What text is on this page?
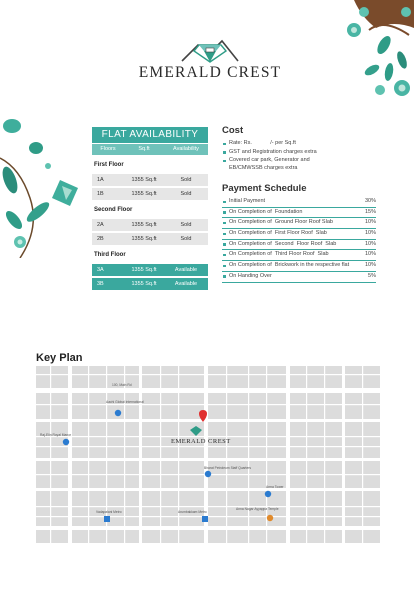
EMERALD CREST
FLAT AVAILABILITY
Floors	Sq.ft	Availability
First Floor
1A	1355 Sq.ft	Sold
1B	1355 Sq.ft	Sold
Second Floor
2A	1355 Sq.ft	Sold
2B	1355 Sq.ft	Sold
Third Floor
3A	1355 Sq.ft	Available
3B	1355 Sq.ft	Available
Cost
Rate: Rs.            /- per Sq.ft
GST and Registration charges extra
Covered car park, Generator and EB/CMWSSB charges extra
Payment Schedule
Initial Payment	30%
On Completion of  Foundation	15%
On Completion of  Ground Floor Roof Slab	10%
On Completion of  First Floor Roof  Slab	10%
On Completion of  Second  Floor Roof  Slab	10%
On Completion of  Third Floor Roof  Slab	10%
On Completion of  Brickwork in the respective flat	10%
On Handing Over	5%
Key Plan
Aachi Global International
Bharat Petroleum Staff Quarters
Raj-Elin Royal Manor
Vadapalani Metro
Arma Tower
Arumbakkam Metro
Anna Nagar Ayyappa Temple
100, Main Rd
EMERALD CREST
